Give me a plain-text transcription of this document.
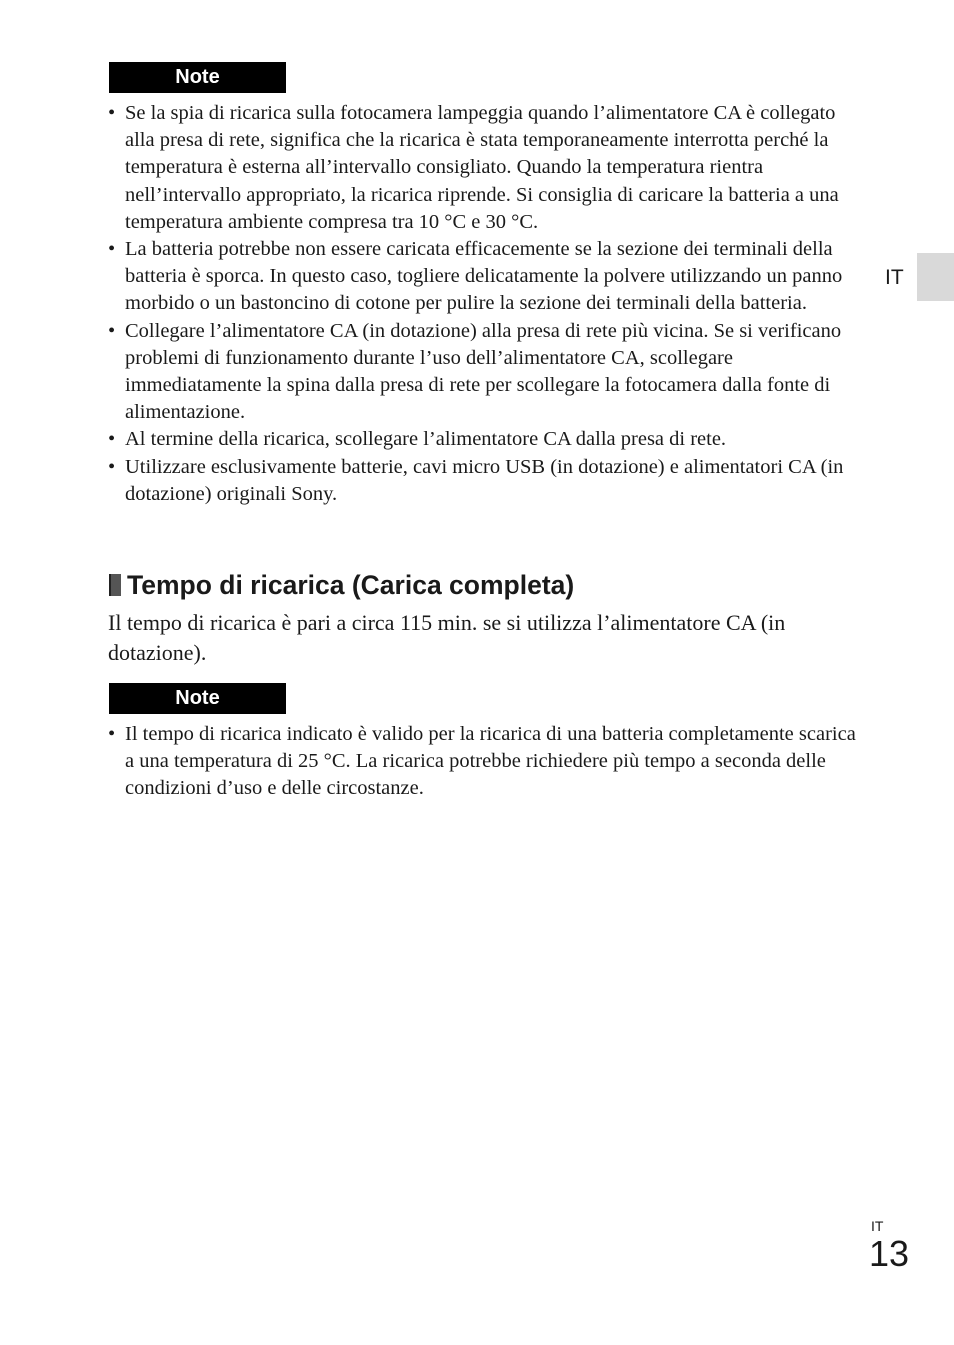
Note
• Se la spia di ricarica sulla fotocamera lampeggia quando l’alimentatore CA è collegato alla presa di rete, significa che la ricarica è stata temporaneamente interrotta perché la temperatura è esterna all’intervallo consigliato. Quando la temperatura rientra nell’intervallo appropriato, la ricarica riprende. Si consiglia di caricare la batteria a una temperatura ambiente compresa tra 10 °C e 30 °C.
• La batteria potrebbe non essere caricata efficacemente se la sezione dei terminali della batteria è sporca. In questo caso, togliere delicatamente la polvere utilizzando un panno morbido o un bastoncino di cotone per pulire la sezione dei terminali della batteria.
• Collegare l’alimentatore CA (in dotazione) alla presa di rete più vicina. Se si verificano problemi di funzionamento durante l’uso dell’alimentatore CA, scollegare immediatamente la spina dalla presa di rete per scollegare la fotocamera dalla fonte di alimentazione.
• Al termine della ricarica, scollegare l’alimentatore CA dalla presa di rete.
• Utilizzare esclusivamente batterie, cavi micro USB (in dotazione) e alimentatori CA (in dotazione) originali Sony.
Tempo di ricarica (Carica completa)

Il tempo di ricarica è pari a circa 115 min. se si utilizza l’alimentatore CA (in dotazione).

Note
• Il tempo di ricarica indicato è valido per la ricarica di una batteria completamente scarica a una temperatura di 25 °C. La ricarica potrebbe richiedere più tempo a seconda delle condizioni d’uso e delle circostanze.
IT
IT
13
